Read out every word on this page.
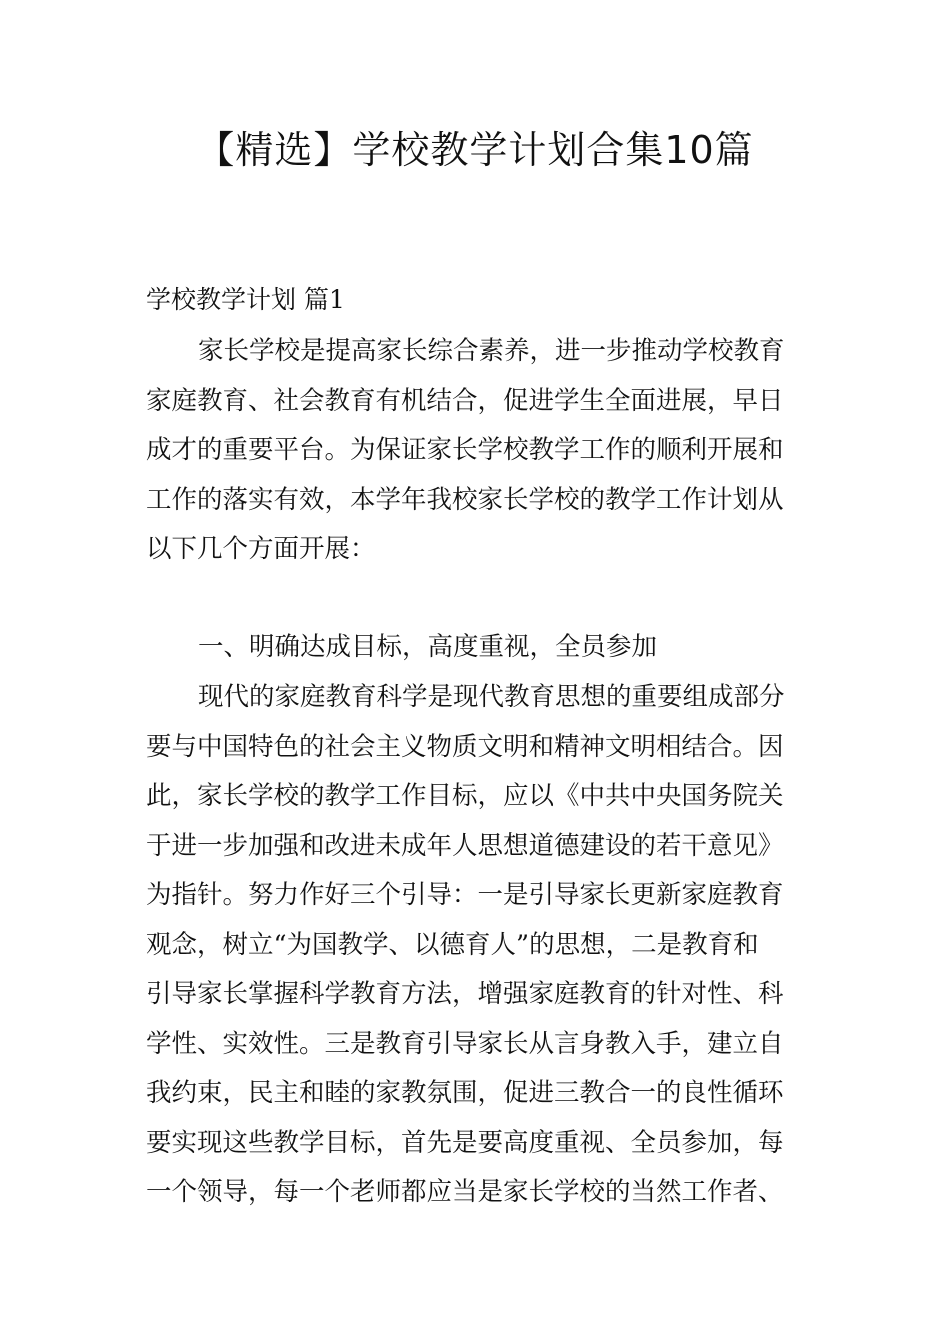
【精选】学校教学计划合集10篇
学校教学计划 篇1
家长学校是提高家长综合素养，进一步推动学校教育
家庭教育、社会教育有机结合，促进学生全面进展，早日
成才的重要平台。为保证家长学校教学工作的顺利开展和
工作的落实有效，本学年我校家长学校的教学工作计划从
以下几个方面开展：
一、明确达成目标，高度重视，全员参加
现代的家庭教育科学是现代教育思想的重要组成部分
要与中国特色的社会主义物质文明和精神文明相结合。因
此，家长学校的教学工作目标，应以《中共中央国务院关
于进一步加强和改进未成年人思想道德建设的若干意见》
为指针。努力作好三个引导：一是引导家长更新家庭教育
观念，树立“为国教学、以德育人”的思想，二是教育和
引导家长掌握科学教育方法，增强家庭教育的针对性、科
学性、实效性。三是教育引导家长从言身教入手，建立自
我约束，民主和睦的家教氛围，促进三教合一的良性循环
要实现这些教学目标，首先是要高度重视、全员参加，每
一个领导，每一个老师都应当是家长学校的当然工作者、
